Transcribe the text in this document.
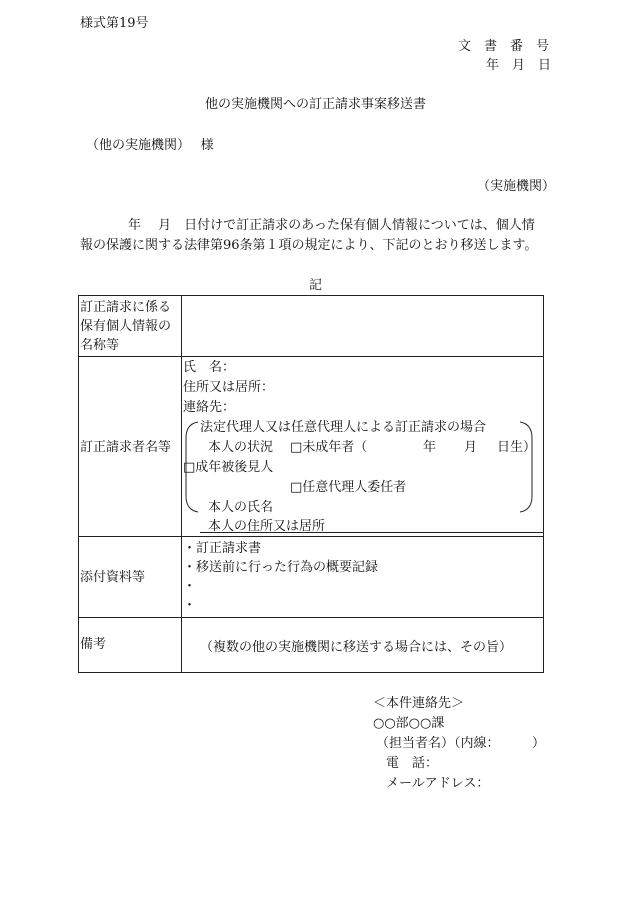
様式第19号
文　書　番　号
年　月　日
他の実施機関への訂正請求事案移送書
（他の実施機関）　 様
（実施機関）
年　 月　日付けで訂正請求のあった保有個人情報については、個人情
報の保護に関する法律第96条第１項の規定により、下記のとおり移送します。
記
訂正請求に係る
保有個人情報の
名称等
訂正請求者名等
氏　名：
住所又は居所：
連絡先：
法定代理人又は任意代理人による訂正請求の場合
本人の状況 □未成年者（	年 月 日生）
□成年被後見人
□任意代理人委任者
本人の氏名
本人の住所又は居所
添付資料等
・訂正請求書
・移送前に行った行為の概要記録
・
・
備考	（複数の他の実施機関に移送する場合には、その旨）
＜本件連絡先＞
○○部○○課
（担当者名）（内線：　　　）
電　話：
メールアドレス：
